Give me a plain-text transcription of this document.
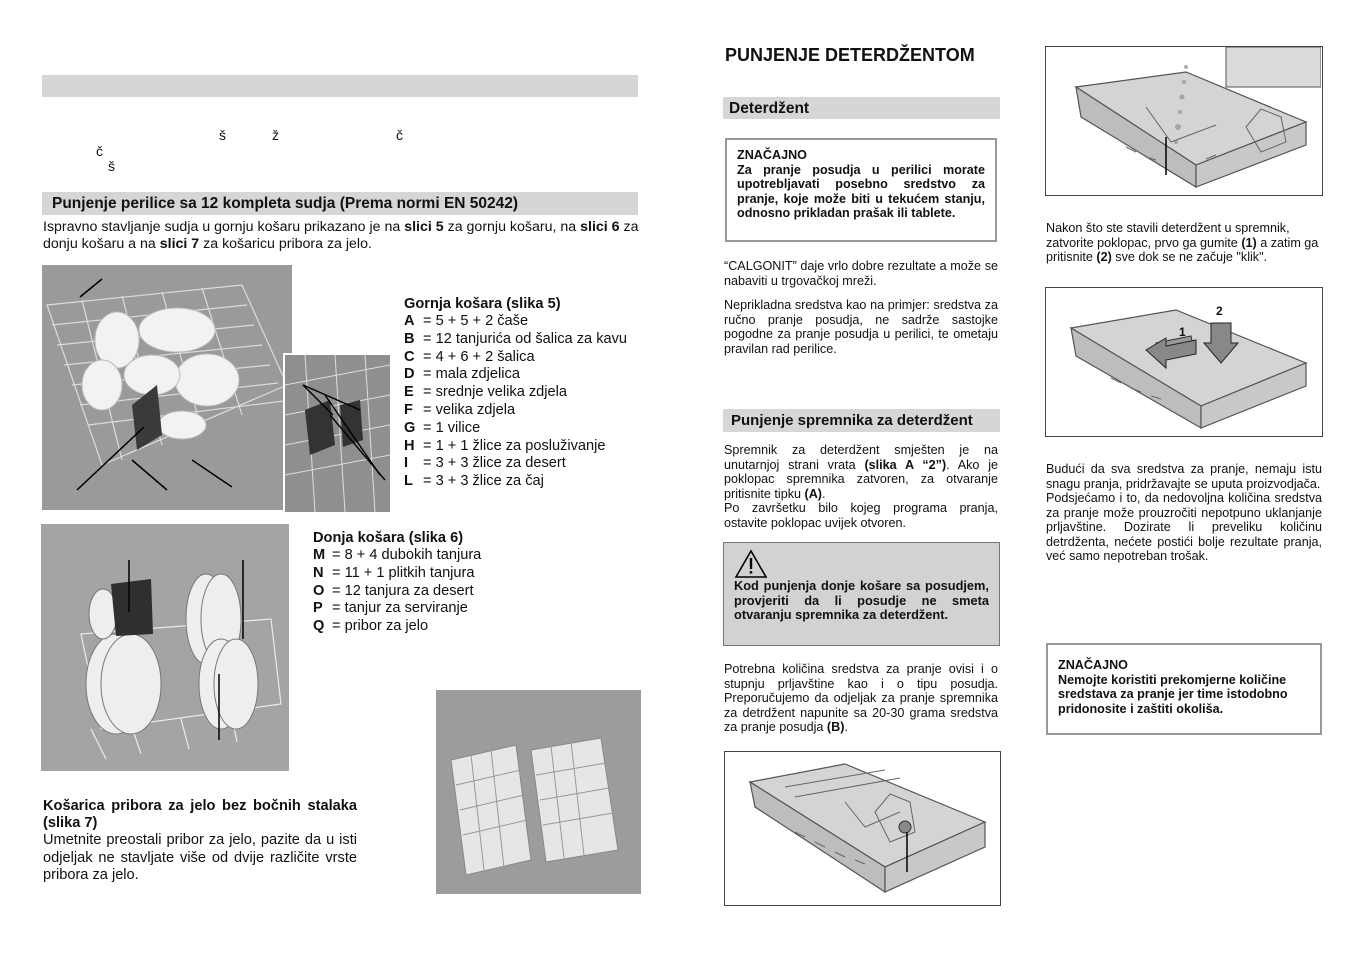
š	ž	č
č
š
Punjenje perilice sa 12 kompleta sudja (Prema normi EN 50242)
Ispravno stavljanje sudja u gornju košaru prikazano je na slici 5 za gornju košaru, na slici 6 za donju košaru a na slici 7 za košaricu pribora za jelo.
Gornja košara (slika 5)
A = 5 + 5 + 2 čaše
B = 12 tanjurića od šalica za kavu
C = 4 + 6 + 2 šalica
D = mala zdjelica
E = srednje velika zdjela
F = velika zdjela
G = 1 vilice
H = 1 + 1 žlice za posluživanje
I	= 3 + 3 žlice za desert
L = 3 + 3 žlice za čaj
Donja košara (slika 6)
M = 8 + 4 dubokih tanjura
N = 11 + 1 plitkih tanjura
O = 12 tanjura za desert
P = tanjur za serviranje
Q = pribor za jelo
Košarica pribora za jelo bez bočnih stalaka (slika 7)
Umetnite preostali pribor za jelo, pazite da u isti odjeljak ne stavljate više od dvije različite vrste pribora za jelo.
PUNJENJE DETERDŽENTOM
Deterdžent
ZNAČAJNO
Za pranje posudja u perilici morate upotrebljavati posebno sredstvo za pranje, koje može biti u tekućem stanju, odnosno prikladan prašak ili tablete.
“CALGONIT” daje vrlo dobre rezultate a može se nabaviti u trgovačkoj mreži.
Neprikladna sredstva kao na primjer: sredstva za ručno pranje posudja, ne sadrže sastojke pogodne za pranje posudja u perilici, te ometaju pravilan rad perilice.
Punjenje spremnika za deterdžent
Spremnik za deterdžent smješten je na unutarnjoj strani vrata (slika A “2”). Ako je poklopac spremnika zatvoren, za otvaranje pritisnite tipku (A).
Po završetku bilo kojeg programa pranja, ostavite poklopac uvijek otvoren.
Kod punjenja donje košare sa posudjem, provjeriti da li posudje ne smeta otvaranju spremnika za deterdžent.
Potrebna količina sredstva za pranje ovisi i o stupnju prljavštine kao i o tipu posudja. Preporučujemo da odjeljak za pranje spremnika za detrdžent napunite sa 20-30 grama sredstva za pranje posudja (B).
Nakon što ste stavili deterdžent u spremnik, zatvorite poklopac, prvo ga gumite (1) a zatim ga pritisnite (2) sve dok se ne začuje "klik".
1
2
Budući da sva sredstva za pranje, nemaju istu snagu pranja, pridržavajte se uputa proizvodjača.
Podsjećamo i to, da nedovoljna količina sredstva za pranje može prouzročiti nepotpuno uklanjanje prljavštine. Dozirate li preveliku količinu detrdženta, nećete postići bolje rezultate pranja, već samo nepotreban trošak.
ZNAČAJNO
Nemojte koristiti prekomjerne količine sredstava za pranje jer time istodobno pridonosite i zaštiti okoliša.
